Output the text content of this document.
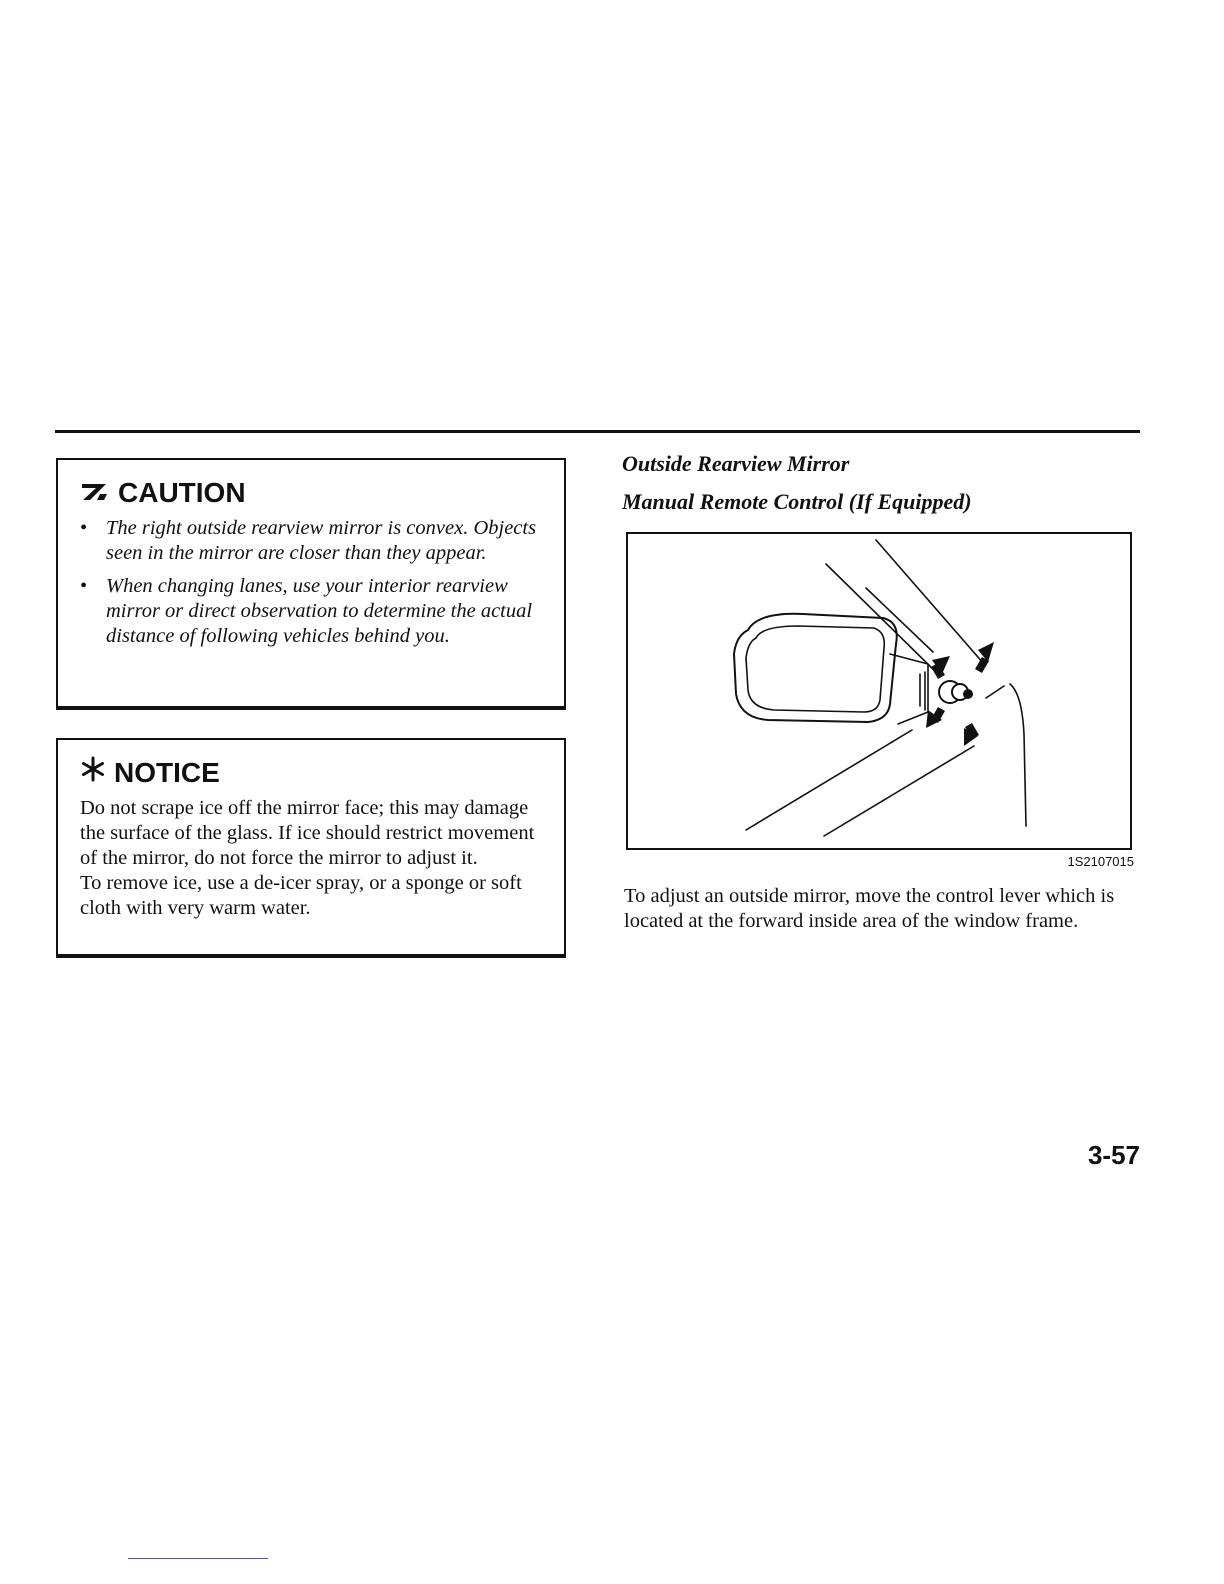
CAUTION
• The right outside rearview mirror is convex. Objects seen in the mirror are closer than they appear.
• When changing lanes, use your interior rearview mirror or direct observation to determine the actual distance of following vehicles behind you.
NOTICE

Do not scrape ice off the mirror face; this may damage the surface of the glass. If ice should restrict movement of the mirror, do not force the mirror to adjust it.

To remove ice, use a de-icer spray, or a sponge or soft cloth with very warm water.

Outside Rearview Mirror

Manual Remote Control (If Equipped)

1S2107015

To adjust an outside mirror, move the control lever which is located at the forward inside area of the window frame.

3-57
